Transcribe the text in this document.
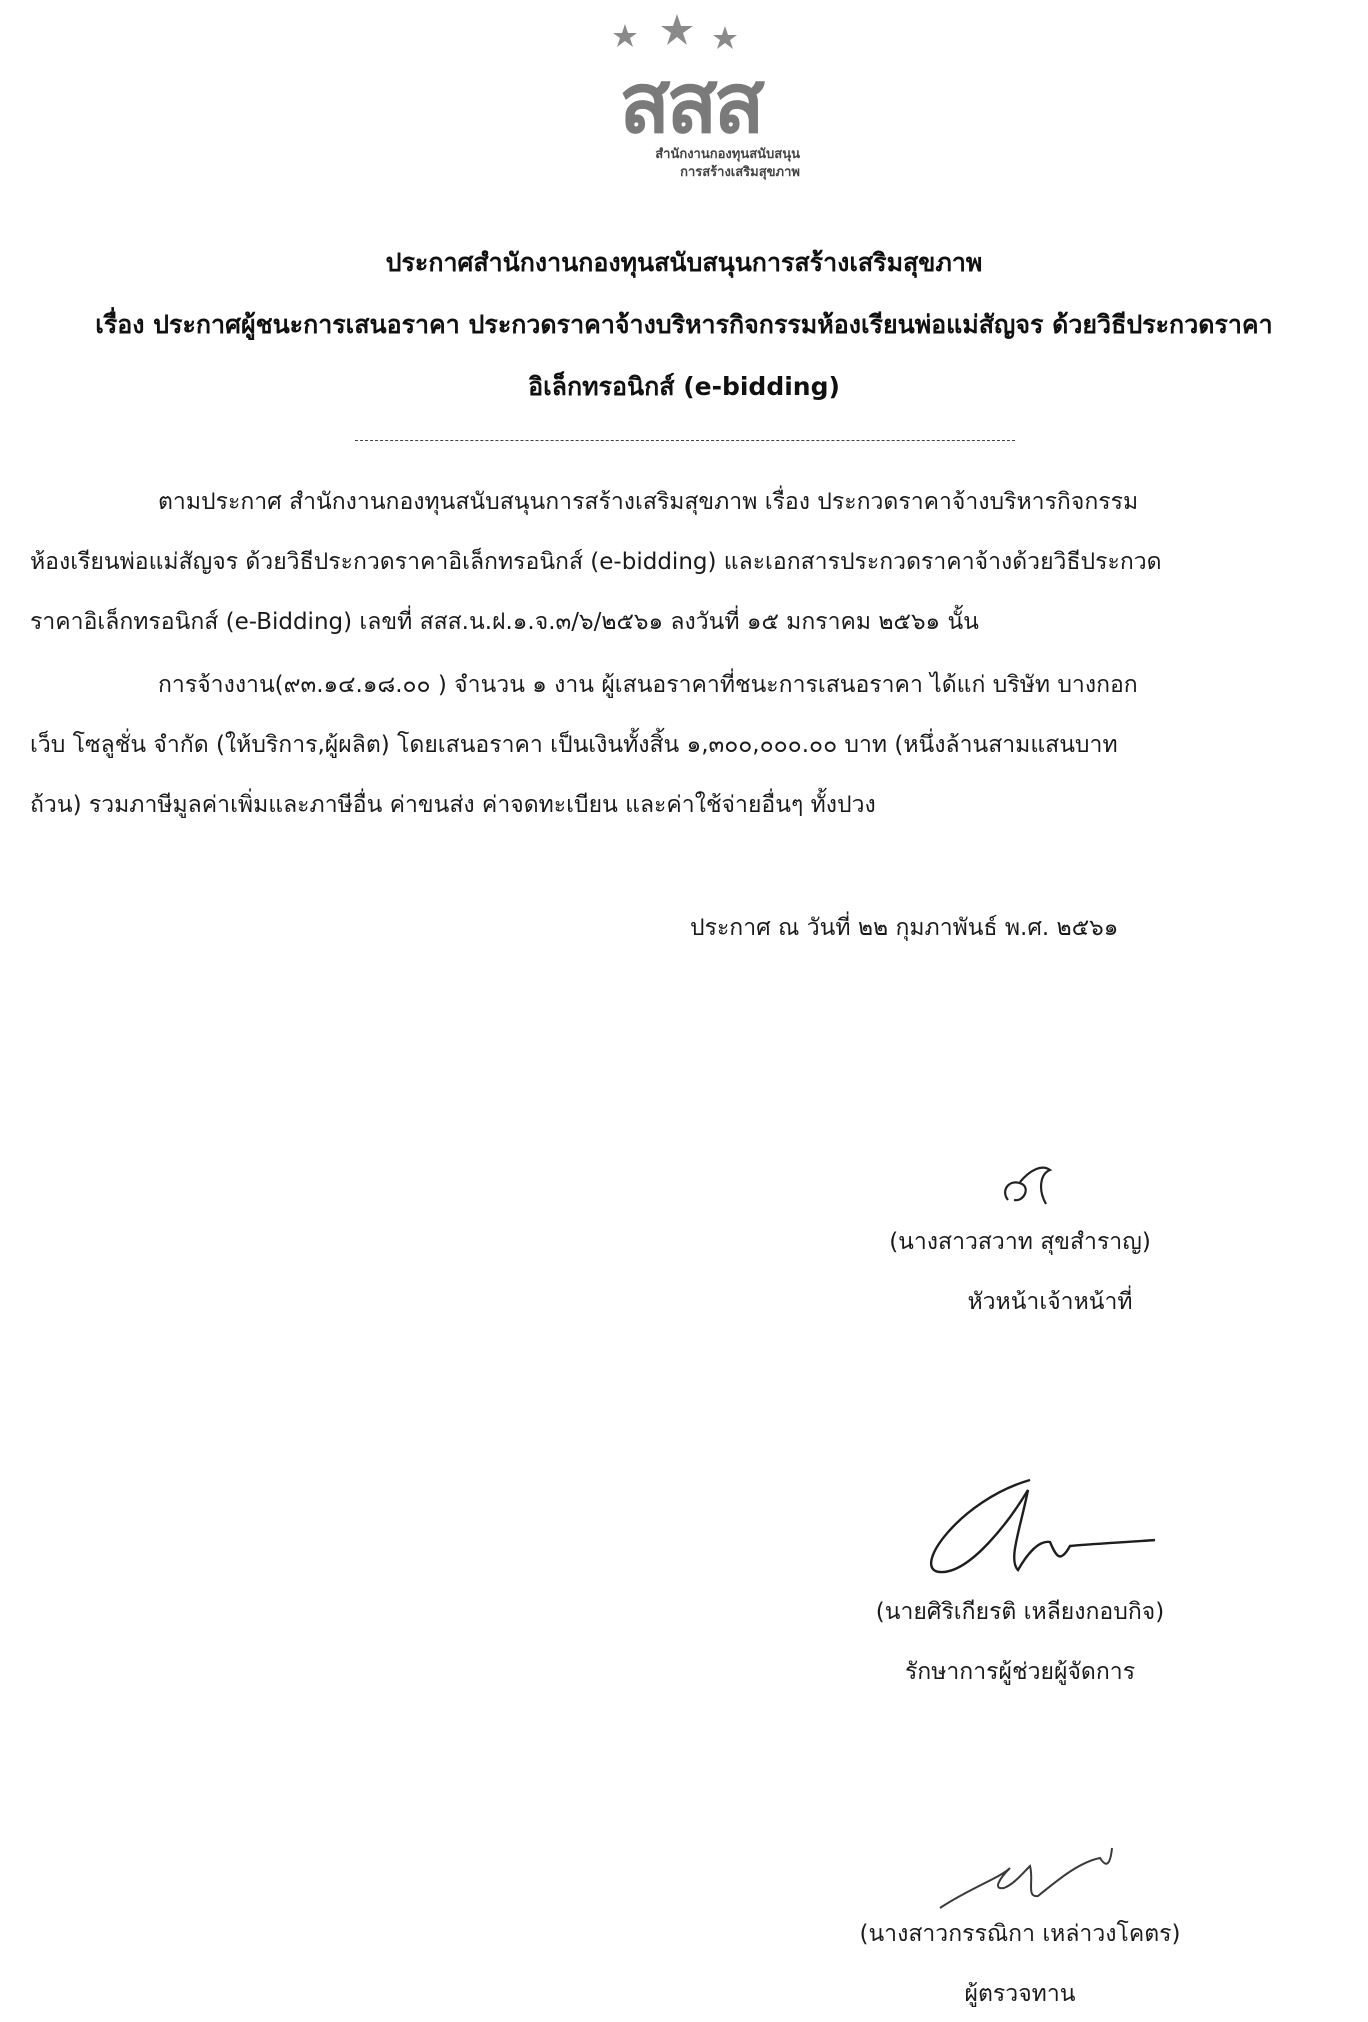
สสส
สำนักงานกองทุนสนับสนุน
การสร้างเสริมสุขภาพ
ประกาศสำนักงานกองทุนสนับสนุนการสร้างเสริมสุขภาพ
เรื่อง ประกาศผู้ชนะการเสนอราคา ประกวดราคาจ้างบริหารกิจกรรมห้องเรียนพ่อแม่สัญจร ด้วยวิธีประกวดราคา
อิเล็กทรอนิกส์ (e-bidding)
ตามประกาศ สำนักงานกองทุนสนับสนุนการสร้างเสริมสุขภาพ เรื่อง ประกวดราคาจ้างบริหารกิจกรรม
ห้องเรียนพ่อแม่สัญจร ด้วยวิธีประกวดราคาอิเล็กทรอนิกส์ (e-bidding) และเอกสารประกวดราคาจ้างด้วยวิธีประกวด
ราคาอิเล็กทรอนิกส์ (e-Bidding) เลขที่ สสส.น.ฝ.๑.จ.๓/๖/๒๕๖๑ ลงวันที่ ๑๕ มกราคม ๒๕๖๑ นั้น
การจ้างงาน(๙๓.๑๔.๑๘.๐๐ ) จำนวน ๑ งาน ผู้เสนอราคาที่ชนะการเสนอราคา ได้แก่ บริษัท บางกอก
เว็บ โซลูชั่น จำกัด (ให้บริการ,ผู้ผลิต) โดยเสนอราคา เป็นเงินทั้งสิ้น ๑,๓๐๐,๐๐๐.๐๐ บาท (หนึ่งล้านสามแสนบาท
ถ้วน) รวมภาษีมูลค่าเพิ่มและภาษีอื่น ค่าขนส่ง ค่าจดทะเบียน และค่าใช้จ่ายอื่นๆ ทั้งปวง
ประกาศ ณ วันที่ ๒๒ กุมภาพันธ์ พ.ศ. ๒๕๖๑
(นางสาวสวาท สุขสำราญ)
หัวหน้าเจ้าหน้าที่
(นายศิริเกียรติ เหลียงกอบกิจ)
รักษาการผู้ช่วยผู้จัดการ
(นางสาวกรรณิกา เหล่าวงโคตร)
ผู้ตรวจทาน
